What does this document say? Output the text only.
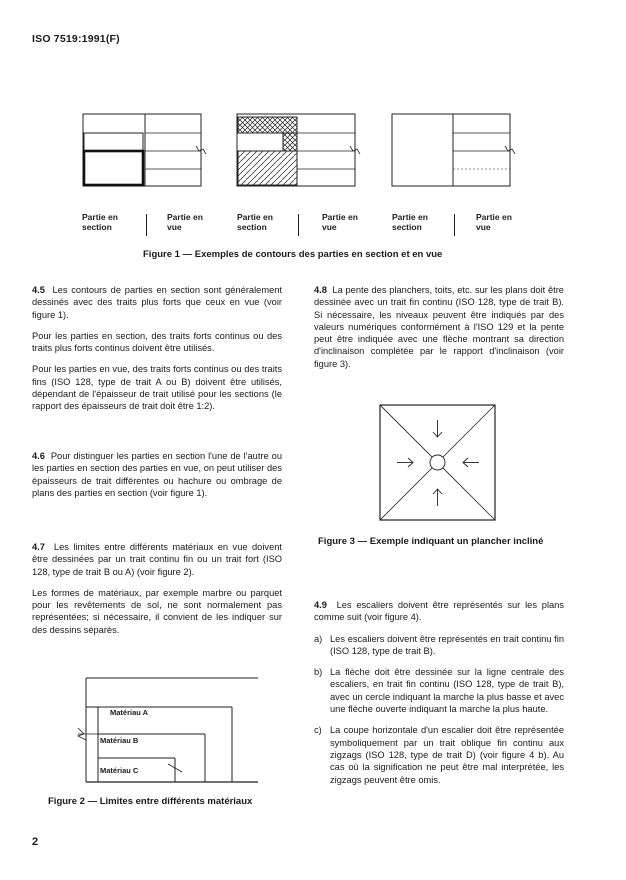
ISO 7519:1991(F)
Partie en
section
Partie en
vue
Partie en
section
Partie en
vue
Partie en
section
Partie en
vue
Figure 1 — Exemples de contours des parties en section et en vue

4.5 Les contours de parties en section sont généralement dessinés avec des traits plus forts que ceux en vue (voir figure 1).

Pour les parties en section, des traits forts continus ou des traits plus forts continus doivent être utilisés.

Pour les parties en vue, des traits forts continus ou des traits fins (ISO 128, type de trait A ou B) doivent être utilisés, dépendant de l'épaisseur de trait utilisé pour les sections (le rapport des épaisseurs de trait doit être 1:2).

4.6 Pour distinguer les parties en section l'une de l'autre ou les parties en section des parties en vue, on peut utiliser des épaisseurs de trait différentes ou hachure ou ombrage de plans des parties en section (voir figure 1).

4.7 Les limites entre différents matériaux en vue doivent être dessinées par un trait continu fin ou un trait fort (ISO 128, type de trait B ou A) (voir figure 2).

Les formes de matériaux, par exemple marbre ou parquet pour les revêtements de sol, ne sont normalement pas représentées; si nécessaire, il convient de les indiquer sur des dessins séparés.

Matériau A
Matériau B
Matériau C
Figure 2 — Limites entre différents matériaux

4.8 La pente des planchers, toits, etc. sur les plans doit être dessinée avec un trait fin continu (ISO 128, type de trait B). Si nécessaire, les niveaux peuvent être indiqués par des valeurs numériques conformément à l'ISO 129 et la pente peut être indiquée avec une flèche montrant sa direction d'inclinaison complétée par le rapport d'inclinaison (voir figure 3).

Figure 3 — Exemple indiquant un plancher incliné

4.9 Les escaliers doivent être représentés sur les plans comme suit (voir figure 4).

a) Les escaliers doivent être représentés en trait continu fin (ISO 128, type de trait B).

b) La flèche doit être dessinée sur la ligne centrale des escaliers, en trait fin continu (ISO 128, type de trait B), avec un cercle indiquant la marche la plus basse et avec une flèche ouverte indiquant la marche la plus haute.

c) La coupe horizontale d'un escalier doit être représentée symboliquement par un trait oblique fin continu aux zigzags (ISO 128, type de trait D) (voir figure 4 b). Au cas où la signification ne peut être mal interprétée, les zigzags peuvent être omis.

2
